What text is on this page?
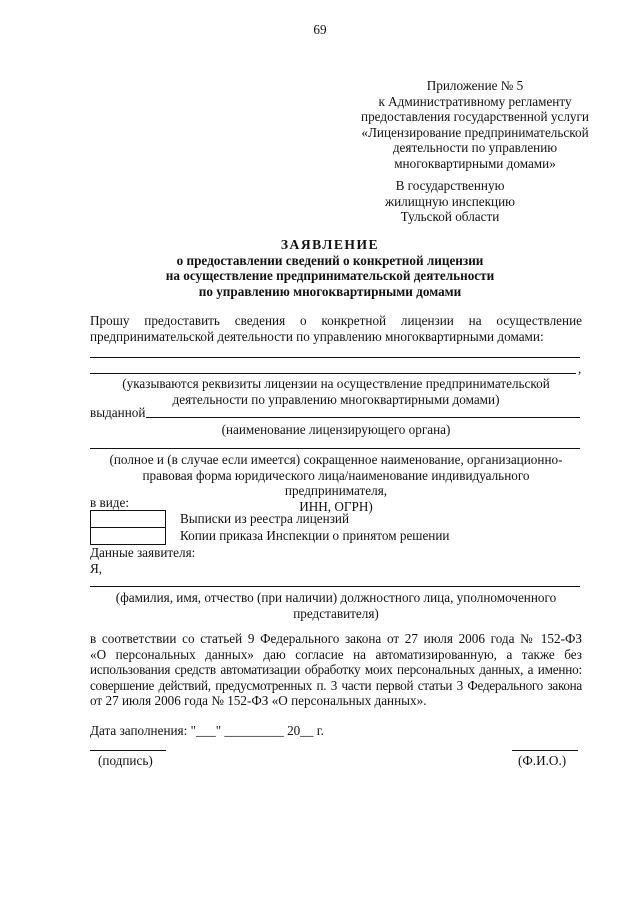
69
Приложение № 5
к Административному регламенту
предоставления государственной услуги
«Лицензирование предпринимательской
деятельности по управлению
многоквартирными домами»
В государственную
жилищную инспекцию
Тульской области
ЗАЯВЛЕНИЕ
о предоставлении сведений о конкретной лицензии
на осуществление предпринимательской деятельности
по управлению многоквартирными домами
Прошу предоставить сведения о конкретной лицензии на осуществление предпринимательской деятельности по управлению многоквартирными домами:
,
(указываются реквизиты лицензии на осуществление предпринимательской
деятельности по управлению многоквартирными домами)
выданной
(наименование лицензирующего органа)
(полное и (в случае если имеется) сокращенное наименование, организационно-
правовая форма юридического лица/наименование индивидуального предпринимателя,
ИНН, ОГРН)
в виде:
Выписки из реестра лицензий
Копии приказа Инспекции о принятом решении
Данные заявителя:
Я,
(фамилия, имя, отчество (при наличии) должностного лица, уполномоченного
представителя)
в соответствии со статьей 9 Федерального закона от 27 июля 2006 года № 152-ФЗ
«О персональных данных» даю согласие на автоматизированную, а также без
использования средств автоматизации обработку моих персональных данных, а именно:
совершение действий, предусмотренных п. 3 части первой статьи 3 Федерального закона
от 27 июля 2006 года № 152-ФЗ «О персональных данных».
Дата заполнения: "___" _________ 20__ г.
(подпись)	(Ф.И.О.)
